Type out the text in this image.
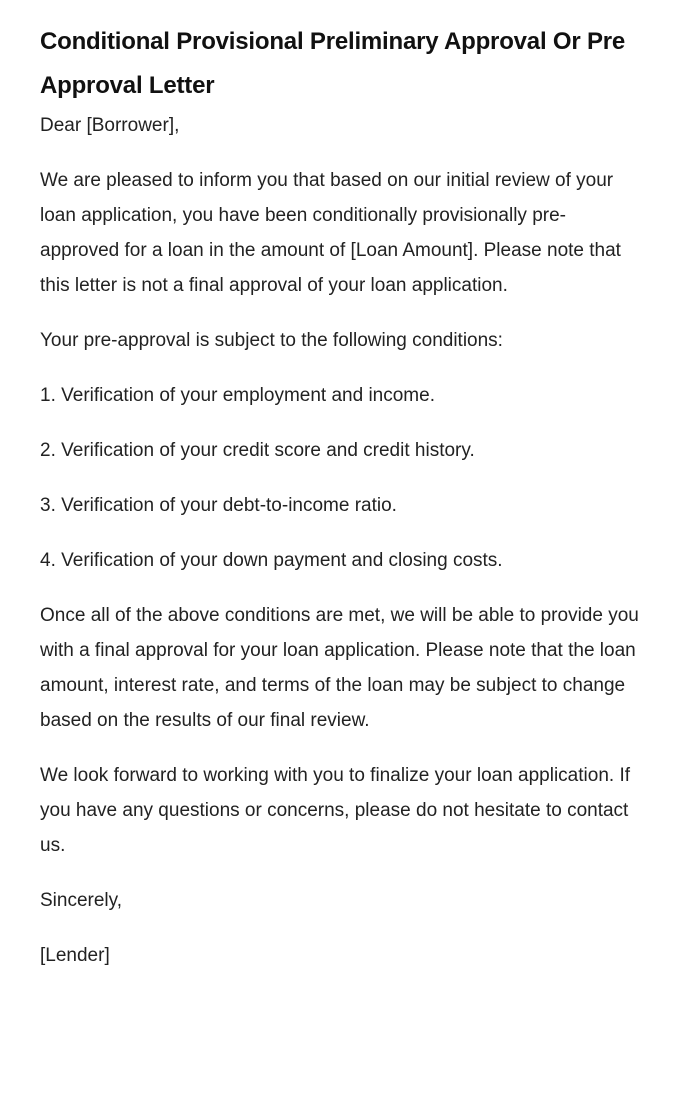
Conditional Provisional Preliminary Approval Or Pre Approval Letter

Dear [Borrower],

We are pleased to inform you that based on our initial review of your loan application, you have been conditionally provisionally pre-approved for a loan in the amount of [Loan Amount]. Please note that this letter is not a final approval of your loan application.

Your pre-approval is subject to the following conditions:

1. Verification of your employment and income.

2. Verification of your credit score and credit history.

3. Verification of your debt-to-income ratio.

4. Verification of your down payment and closing costs.

Once all of the above conditions are met, we will be able to provide you with a final approval for your loan application. Please note that the loan amount, interest rate, and terms of the loan may be subject to change based on the results of our final review.

We look forward to working with you to finalize your loan application. If you have any questions or concerns, please do not hesitate to contact us.

Sincerely,

[Lender]
